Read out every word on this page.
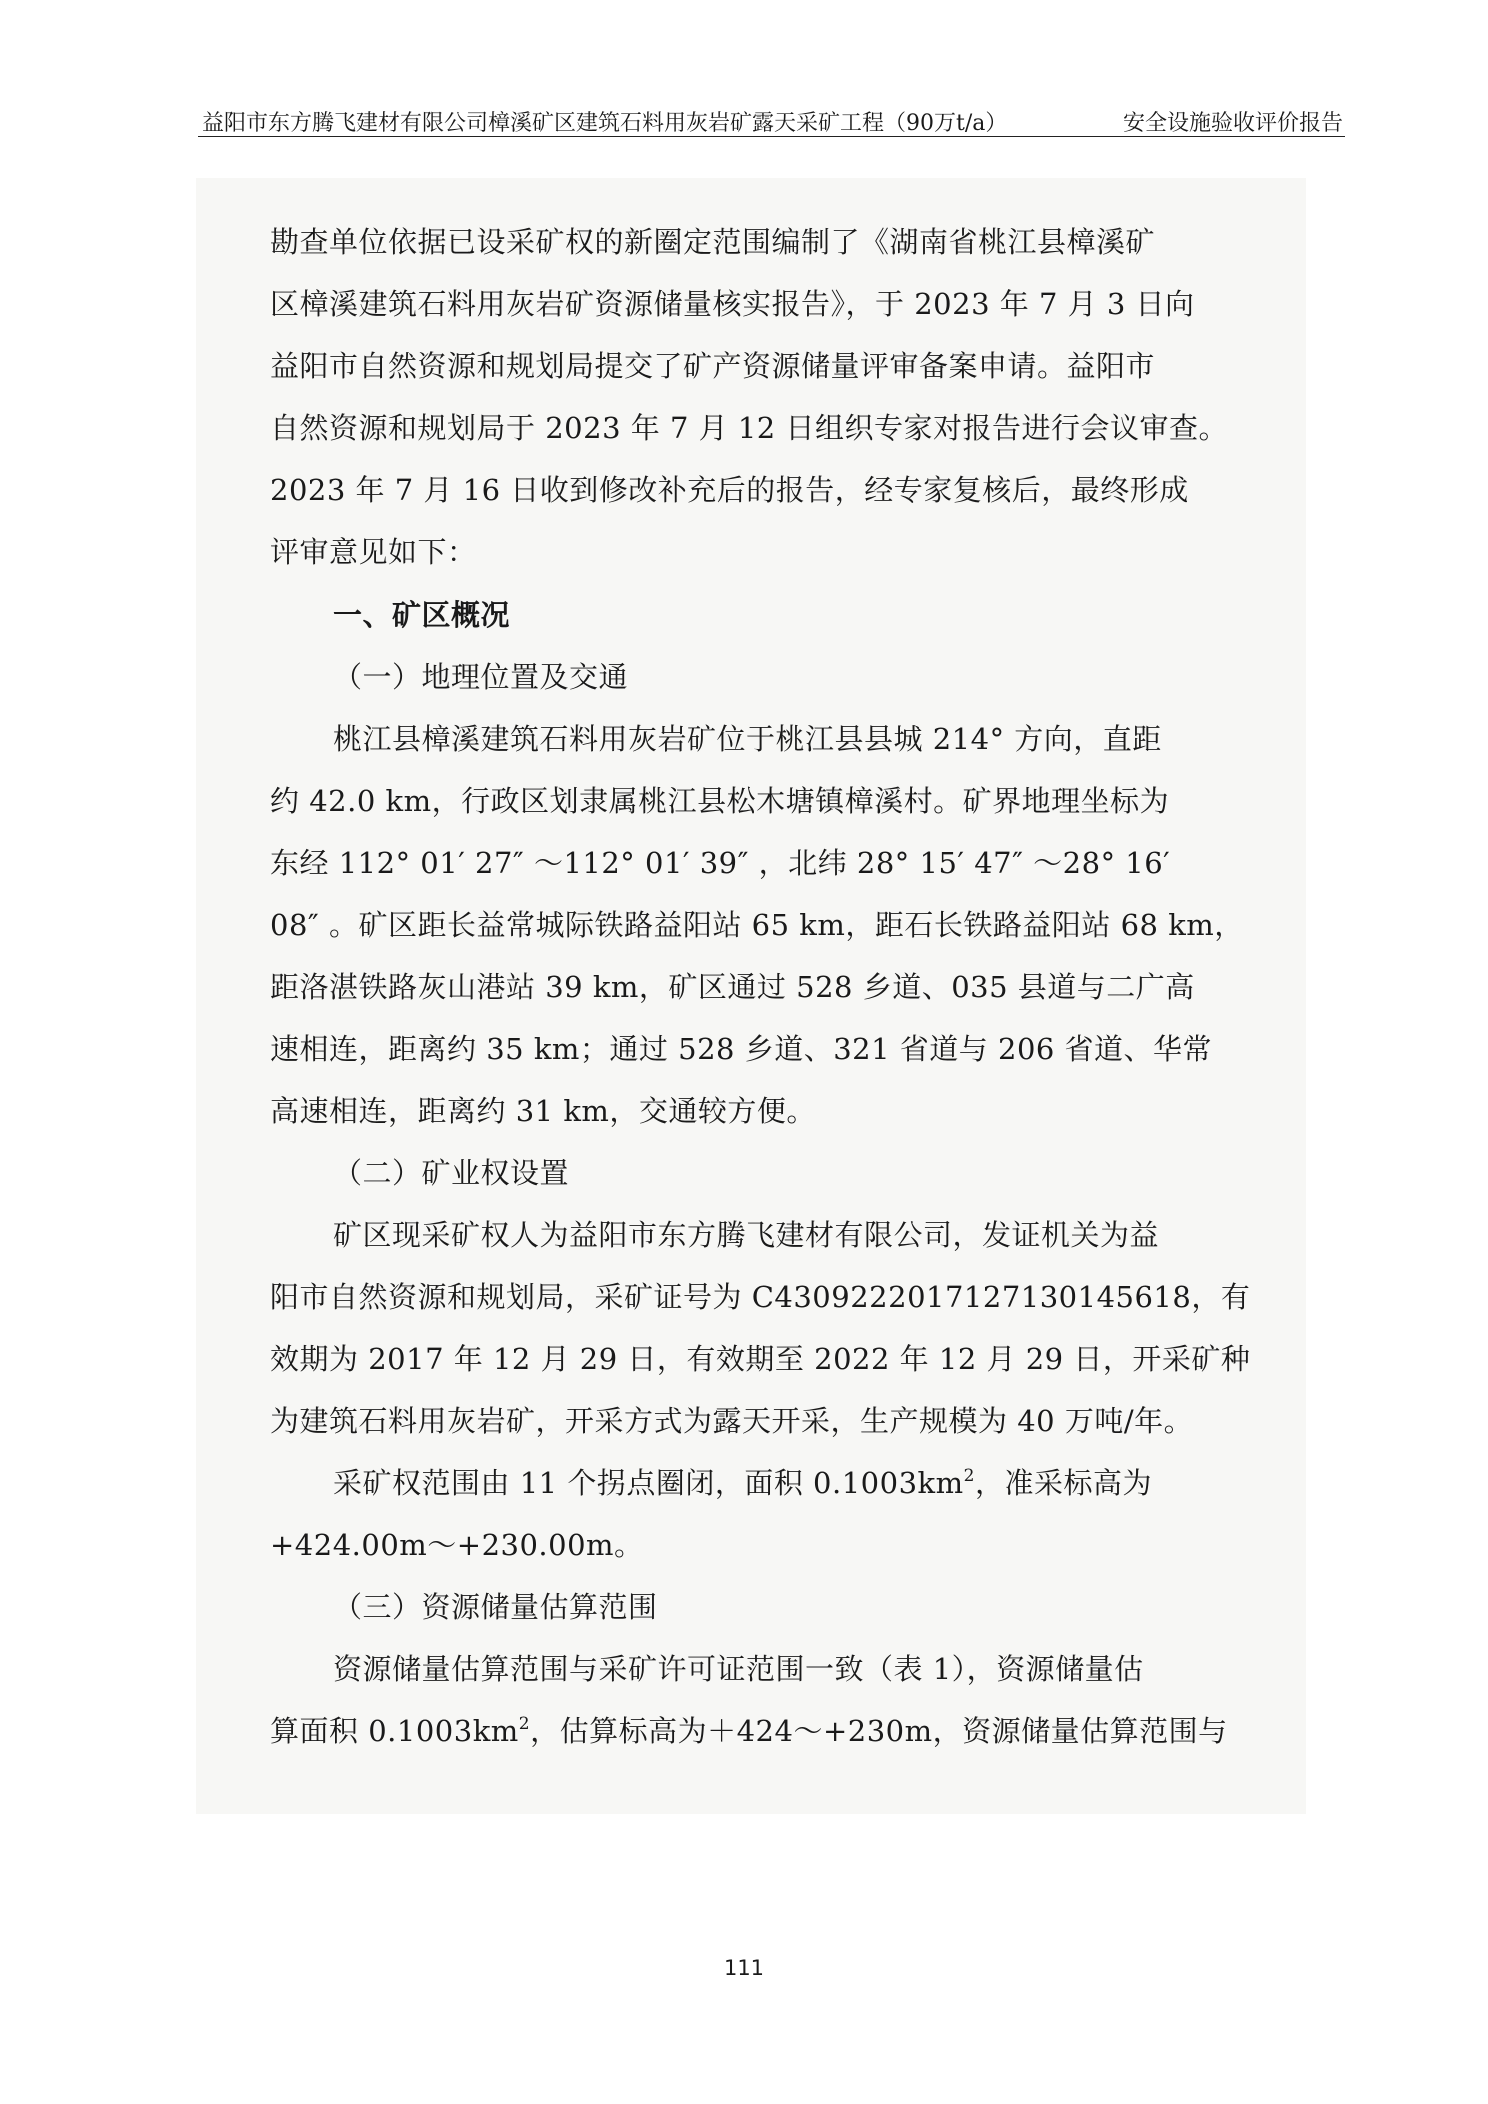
益阳市东方腾飞建材有限公司樟溪矿区建筑石料用灰岩矿露天采矿工程（90万t/a）	安全设施验收评价报告
勘查单位依据已设采矿权的新圈定范围编制了《湖南省桃江县樟溪矿
区樟溪建筑石料用灰岩矿资源储量核实报告》，于 2023 年 7 月 3 日向
益阳市自然资源和规划局提交了矿产资源储量评审备案申请。益阳市
自然资源和规划局于 2023 年 7 月 12 日组织专家对报告进行会议审查。
2023 年 7 月 16 日收到修改补充后的报告，经专家复核后，最终形成
评审意见如下：
一、矿区概况
（一）地理位置及交通
桃江县樟溪建筑石料用灰岩矿位于桃江县县城 214° 方向，直距
约 42.0 km，行政区划隶属桃江县松木塘镇樟溪村。矿界地理坐标为
东经 112° 01′ 27″ ～112° 01′ 39″ ，北纬 28° 15′ 47″ ～28° 16′
08″ 。矿区距长益常城际铁路益阳站 65 km，距石长铁路益阳站 68 km，
距洛湛铁路灰山港站 39 km，矿区通过 528 乡道、035 县道与二广高
速相连，距离约 35 km；通过 528 乡道、321 省道与 206 省道、华常
高速相连，距离约 31 km，交通较方便。
（二）矿业权设置
矿区现采矿权人为益阳市东方腾飞建材有限公司，发证机关为益
阳市自然资源和规划局，采矿证号为 C4309222017127130145618，有
效期为 2017 年 12 月 29 日，有效期至 2022 年 12 月 29 日，开采矿种
为建筑石料用灰岩矿，开采方式为露天开采，生产规模为 40 万吨/年。
采矿权范围由 11 个拐点圈闭，面积 $0.1003km^2$，准采标高为
+424.00m～+230.00m。
（三）资源储量估算范围
资源储量估算范围与采矿许可证范围一致（表 1），资源储量估
算面积 $0.1003km^2$，估算标高为＋424～+230m，资源储量估算范围与
111
